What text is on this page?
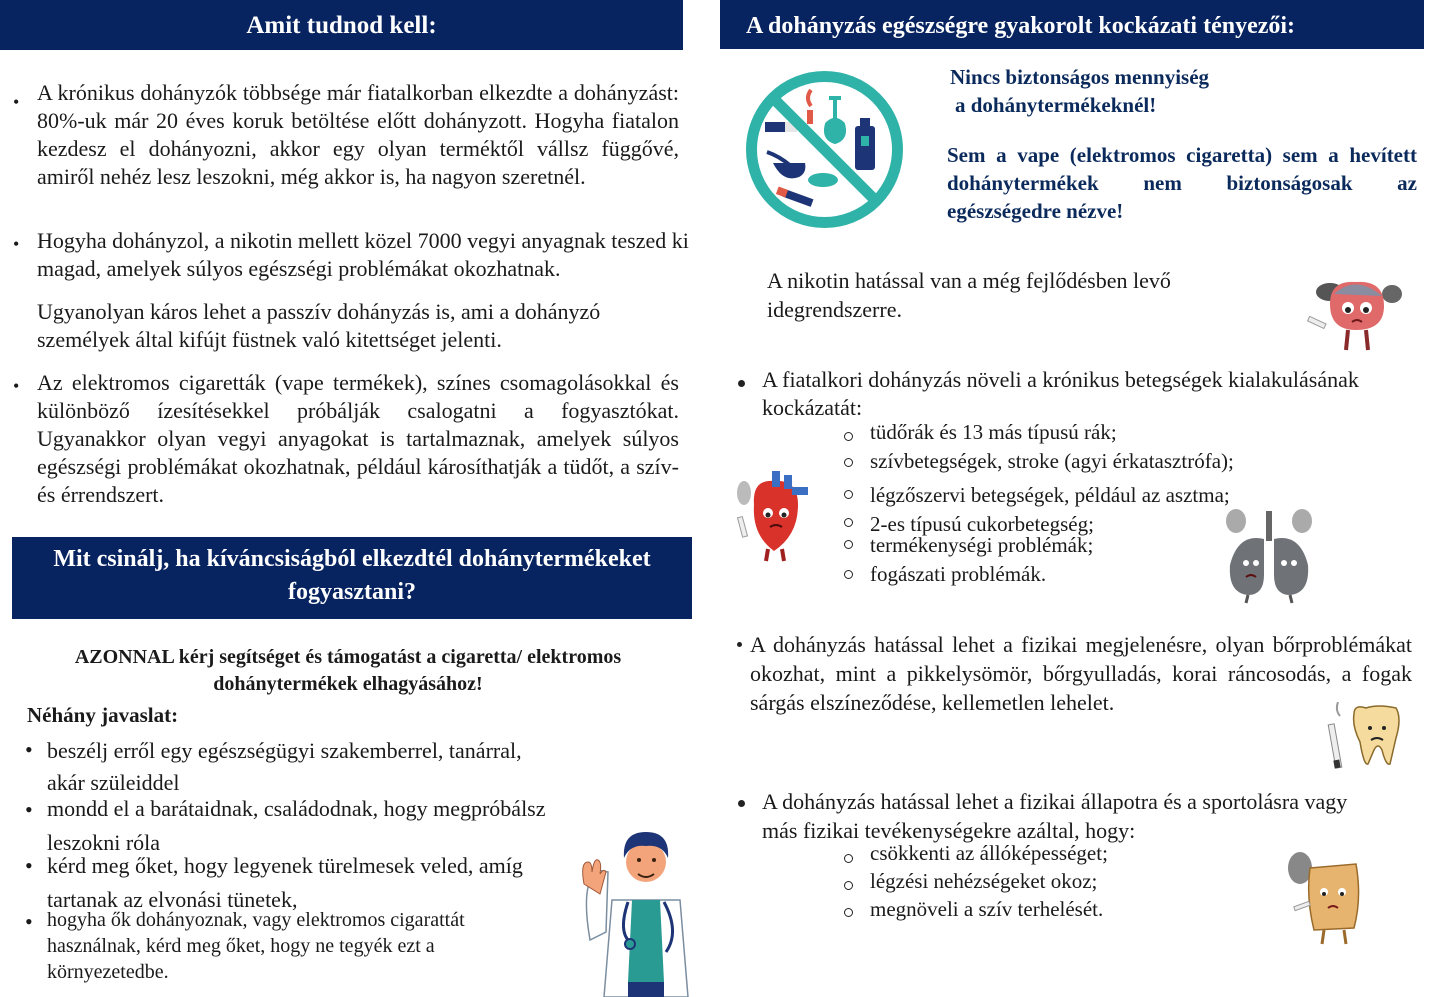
Amit tudnod kell:
• A krónikus dohányzók többsége már fiatalkorban elkezdte a dohányzást: 80%-uk már 20 éves koruk betöltése előtt dohányzott. Hogyha fiatalon kezdesz el dohányozni, akkor egy olyan terméktől vállsz függővé, amiről nehéz lesz leszokni, még akkor is, ha nagyon szeretnél.
• Hogyha dohányzol, a nikotin mellett közel 7000 vegyi anyagnak teszed ki magad, amelyek súlyos egészségi problémákat okozhatnak.
Ugyanolyan káros lehet a passzív dohányzás is, ami a dohányzó személyek által kifújt füstnek való kitettséget jelenti.
• Az elektromos cigaretták (vape termékek), színes csomagolásokkal és különböző ízesítésekkel próbálják csalogatni a fogyasztókat. Ugyanakkor olyan vegyi anyagokat is tartalmaznak, amelyek súlyos egészségi problémákat okozhatnak, például károsíthatják a tüdőt, a szív- és érrendszert.
Mit csinálj, ha kíváncsiságból elkezdtél dohánytermékeket
fogyasztani?
AZONNAL kérj segítséget és támogatást a cigaretta/ elektromos
dohánytermékek elhagyásához!
Néhány javaslat:
• beszélj erről egy egészségügyi szakemberrel, tanárral,
akár szüleiddel
• mondd el a barátaidnak, családodnak, hogy megpróbálsz
leszokni róla
• kérd meg őket, hogy legyenek türelmesek veled, amíg
tartanak az elvonási tünetek,
• hogyha ők dohányoznak, vagy elektromos cigarattát
használnak, kérd meg őket, hogy ne tegyék ezt a
környezetedbe.
A dohányzás egészségre gyakorolt kockázati tényezői:
Nincs biztonságos mennyiség
a dohánytermékeknél!
Sem a vape (elektromos cigaretta) sem a hevített dohánytermékek nem biztonságosak az egészségedre nézve!
A nikotin hatással van a még fejlődésben levő
idegrendszerre.
A fiatalkori dohányzás növeli a krónikus betegségek kialakulásának kockázatát:
tüdőrák és 13 más típusú rák;
szívbetegségek, stroke (agyi érkatasztrófa);
légzőszervi betegségek, például az asztma;
2-es típusú cukorbetegség;
termékenységi problémák;
fogászati problémák.
A dohányzás hatással lehet a fizikai megjelenésre, olyan bőrproblémákat okozhat, mint a pikkelysömör, bőrgyulladás, korai ráncosodás, a fogak sárgás elszíneződése, kellemetlen lehelet.
A dohányzás hatással lehet a fizikai állapotra és a sportolásra vagy
más fizikai tevékenységekre azáltal, hogy:
csökkenti az állóképességet;
légzési nehézségeket okoz;
megnöveli a szív terhelését.
